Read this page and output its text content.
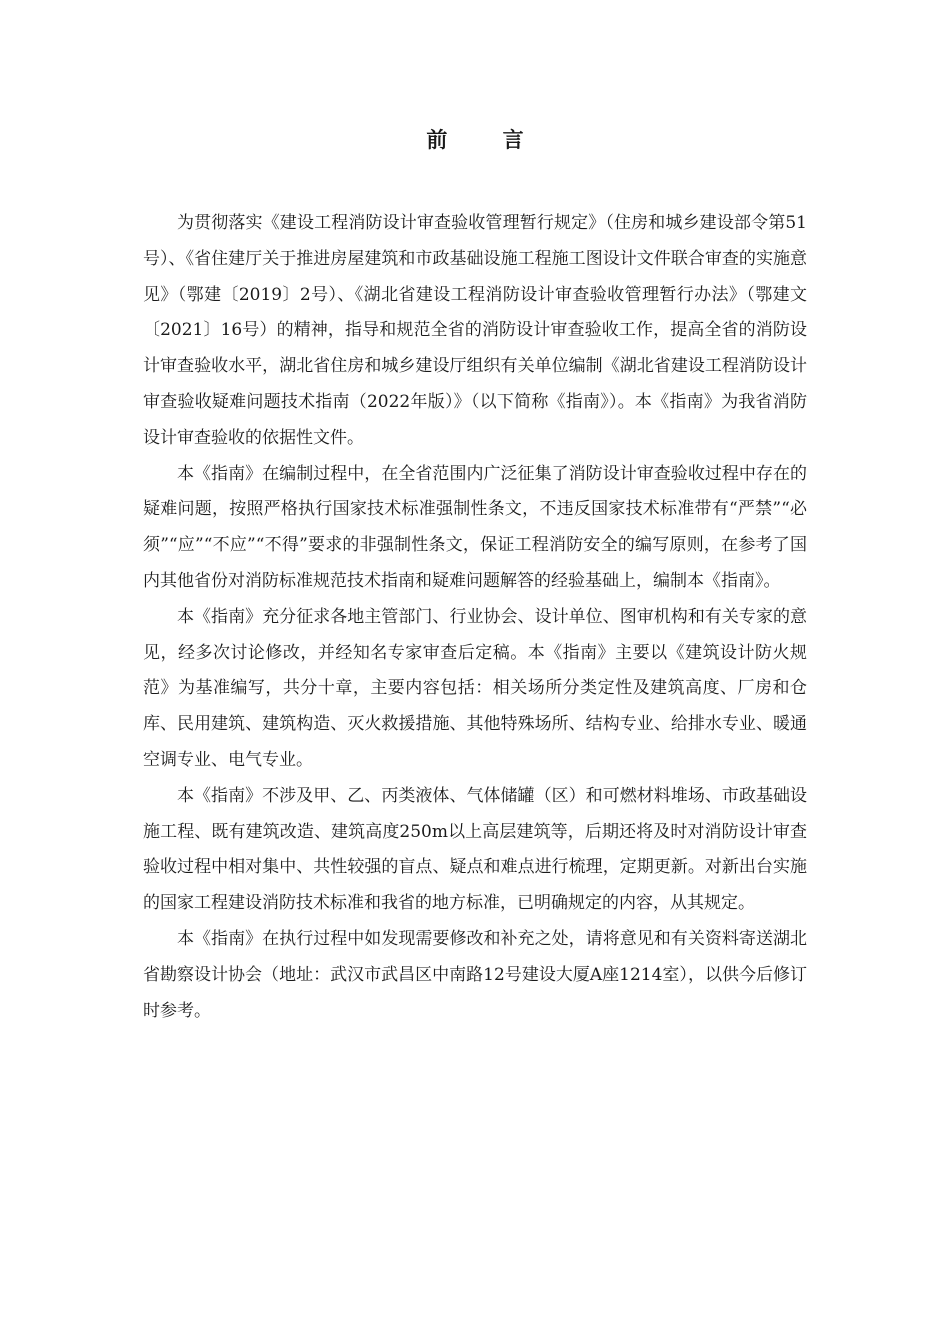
前 言

为贯彻落实《建设工程消防设计审查验收管理暂行规定》（住房和城乡建设部令第51号）、《省住建厅关于推进房屋建筑和市政基础设施工程施工图设计文件联合审查的实施意见》（鄂建〔2019〕2号）、《湖北省建设工程消防设计审查验收管理暂行办法》（鄂建文〔2021〕16号）的精神，指导和规范全省的消防设计审查验收工作，提高全省的消防设计审查验收水平，湖北省住房和城乡建设厅组织有关单位编制《湖北省建设工程消防设计审查验收疑难问题技术指南（2022年版）》（以下简称《指南》）。本《指南》为我省消防设计审查验收的依据性文件。

本《指南》在编制过程中，在全省范围内广泛征集了消防设计审查验收过程中存在的疑难问题，按照严格执行国家技术标准强制性条文，不违反国家技术标准带有“严禁”“必须”“应”“不应”“不得”要求的非强制性条文，保证工程消防安全的编写原则，在参考了国内其他省份对消防标准规范技术指南和疑难问题解答的经验基础上，编制本《指南》。

本《指南》充分征求各地主管部门、行业协会、设计单位、图审机构和有关专家的意见，经多次讨论修改，并经知名专家审查后定稿。本《指南》主要以《建筑设计防火规范》为基准编写，共分十章，主要内容包括：相关场所分类定性及建筑高度、厂房和仓库、民用建筑、建筑构造、灭火救援措施、其他特殊场所、结构专业、给排水专业、暖通空调专业、电气专业。

本《指南》不涉及甲、乙、丙类液体、气体储罐（区）和可燃材料堆场、市政基础设施工程、既有建筑改造、建筑高度250m以上高层建筑等，后期还将及时对消防设计审查验收过程中相对集中、共性较强的盲点、疑点和难点进行梳理，定期更新。对新出台实施的国家工程建设消防技术标准和我省的地方标准，已明确规定的内容，从其规定。

本《指南》在执行过程中如发现需要修改和补充之处，请将意见和有关资料寄送湖北省勘察设计协会（地址：武汉市武昌区中南路12号建设大厦A座1214室），以供今后修订时参考。
